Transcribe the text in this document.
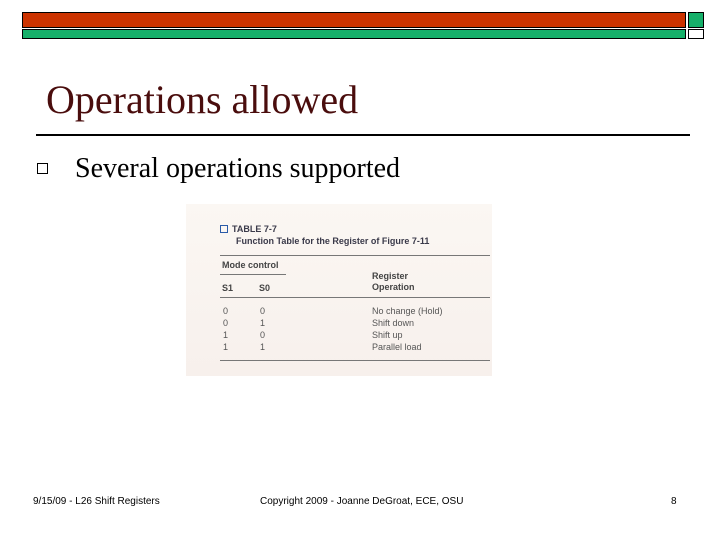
Operations allowed
Several operations supported
TABLE 7-7
Function Table for the Register of Figure 7-11
Mode control
Register
Operation
S1	S0
0	0	No change (Hold)
0	1	Shift down
1	0	Shift up
1	1	Parallel load
9/15/09 - L26 Shift Registers	Copyright 2009 - Joanne DeGroat, ECE, OSU	8
